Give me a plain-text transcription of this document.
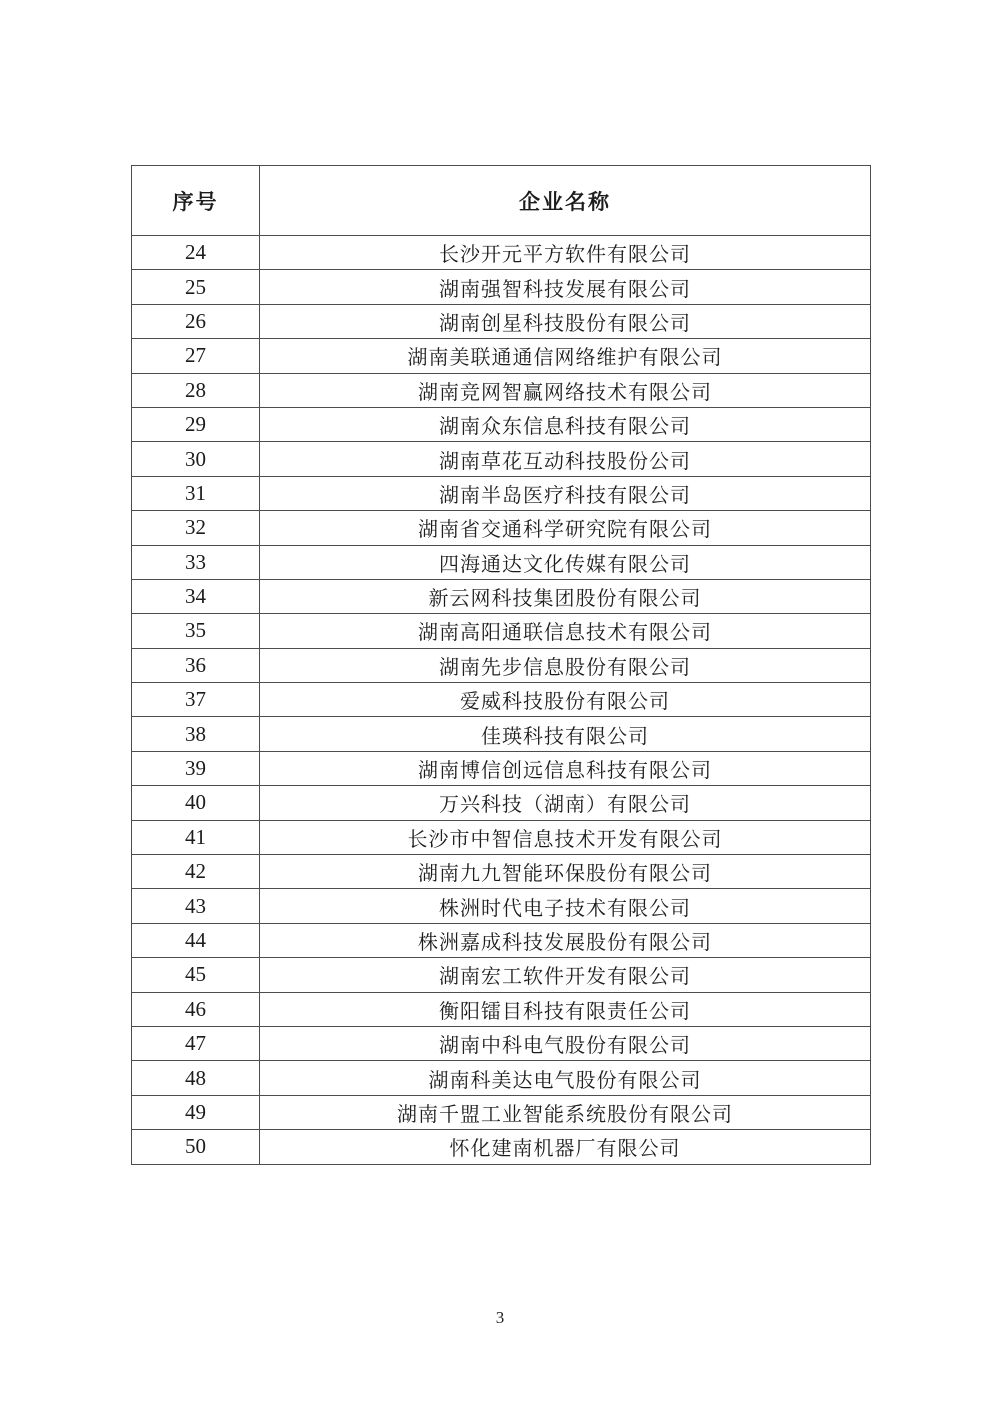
序号	企业名称
24	长沙开元平方软件有限公司
25	湖南强智科技发展有限公司
26	湖南创星科技股份有限公司
27	湖南美联通通信网络维护有限公司
28	湖南竞网智赢网络技术有限公司
29	湖南众东信息科技有限公司
30	湖南草花互动科技股份公司
31	湖南半岛医疗科技有限公司
32	湖南省交通科学研究院有限公司
33	四海通达文化传媒有限公司
34	新云网科技集团股份有限公司
35	湖南高阳通联信息技术有限公司
36	湖南先步信息股份有限公司
37	爱威科技股份有限公司
38	佳瑛科技有限公司
39	湖南博信创远信息科技有限公司
40	万兴科技（湖南）有限公司
41	长沙市中智信息技术开发有限公司
42	湖南九九智能环保股份有限公司
43	株洲时代电子技术有限公司
44	株洲嘉成科技发展股份有限公司
45	湖南宏工软件开发有限公司
46	衡阳镭目科技有限责任公司
47	湖南中科电气股份有限公司
48	湖南科美达电气股份有限公司
49	湖南千盟工业智能系统股份有限公司
50	怀化建南机器厂有限公司
3
